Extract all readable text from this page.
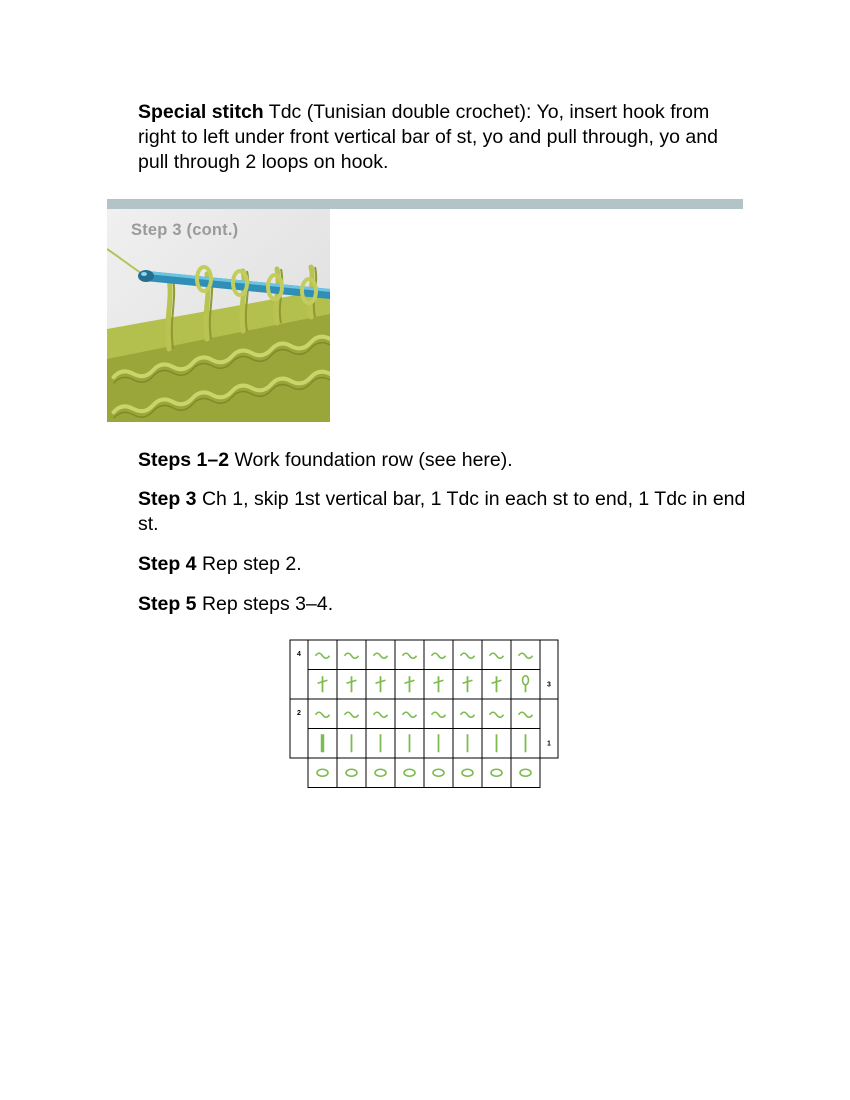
Special stitch Tdc (Tunisian double crochet): Yo, insert hook from right to left under front vertical bar of st, yo and pull through, yo and pull through 2 loops on hook.

Step 3 (cont.)

Steps 1–2 Work foundation row (see here).

Step 3 Ch 1, skip 1st vertical bar, 1 Tdc in each st to end, 1 Tdc in end st.

Step 4 Rep step 2.

Step 5 Rep steps 3–4.

4
2
3
1
